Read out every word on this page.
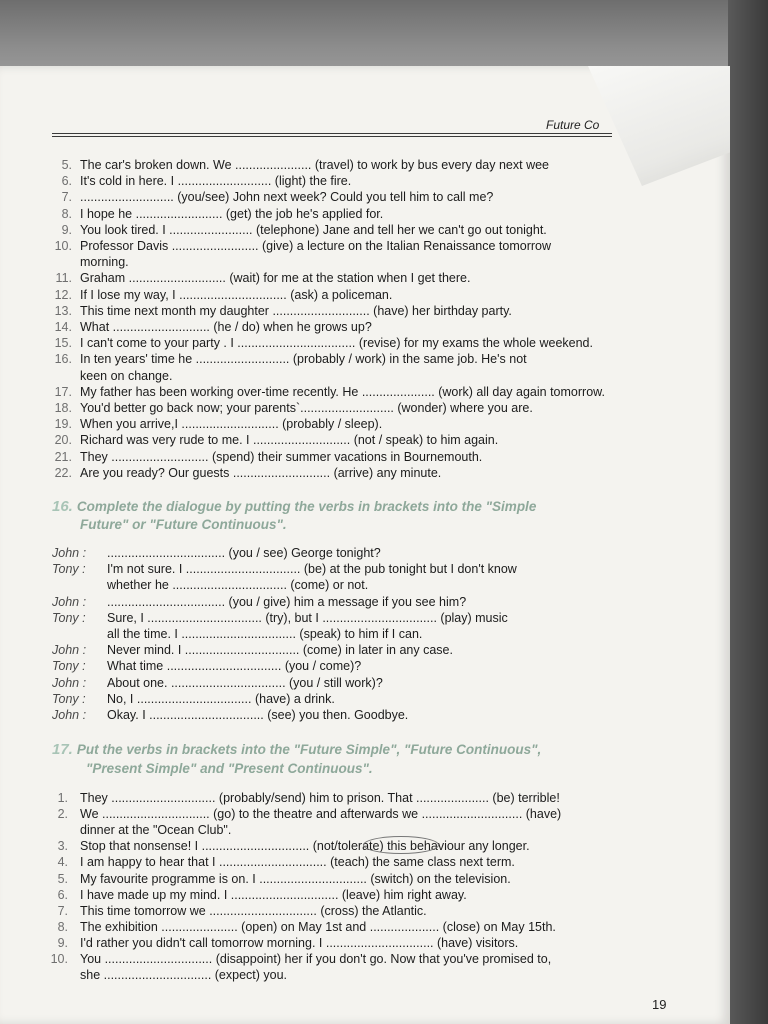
Future Co
5. The car's broken down. We ...................... (travel) to work by bus every day next wee
6. It's cold in here. I ........................... (light) the fire.
7. ........................... (you/see) John next week? Could you tell him to call me?
8. I hope he ......................... (get) the job he's applied for.
9. You look tired. I ........................ (telephone) Jane and tell her we can't go out tonight.
10. Professor Davis ......................... (give) a lecture on the Italian Renaissance tomorrow
morning.
11. Graham ............................ (wait) for me at the station when I get there.
12. If I lose my way, I ............................... (ask) a policeman.
13. This time next month my daughter ............................ (have) her birthday party.
14. What ............................ (he / do) when he grows up?
15. I can't come to your party . I .................................. (revise) for my exams the whole weekend.
16. In ten years' time he ........................... (probably / work) in the same job. He's not
keen on change.
17. My father has been working over-time recently. He ..................... (work) all day again tomorrow.
18. You'd better go back now; your parents`........................... (wonder) where you are.
19. When you arrive,I ............................ (probably / sleep).
20. Richard was very rude to me. I ............................ (not / speak) to him again.
21. They ............................ (spend) their summer vacations in Bournemouth.
22. Are you ready? Our guests ............................ (arrive) any minute.
16. Complete the dialogue by putting the verbs in brackets into the "Simple
Future" or "Future Continuous".
John : .................................. (you / see) George tonight?
Tony : I'm not sure. I ................................. (be) at the pub tonight but I don't know
whether he ................................. (come) or not.
John : .................................. (you / give) him a message if you see him?
Tony : Sure, I ................................. (try), but I ................................. (play) music
all the time. I ................................. (speak) to him if I can.
John : Never mind. I ................................. (come) in later in any case.
Tony : What time ................................. (you / come)?
John : About one. ................................. (you / still work)?
Tony : No, I ................................. (have) a drink.
John : Okay. I ................................. (see) you then. Goodbye.
17. Put the verbs in brackets into the "Future Simple", "Future Continuous",
"Present Simple" and "Present Continuous".
1. They .............................. (probably/send) him to prison. That ..................... (be) terrible!
2. We ............................... (go) to the theatre and afterwards we ............................. (have)
dinner at the "Ocean Club".
3. Stop that nonsense! I ............................... (not/tolerate) this behaviour any longer.
4. I am happy to hear that I ............................... (teach) the same class next term.
5. My favourite programme is on. I ............................... (switch) on the television.
6. I have made up my mind. I ............................... (leave) him right away.
7. This time tomorrow we ............................... (cross) the Atlantic.
8. The exhibition ...................... (open) on May 1st and .................... (close) on May 15th.
9. I'd rather you didn't call tomorrow morning. I ............................... (have) visitors.
10. You ............................... (disappoint) her if you don't go. Now that you've promised to,
she ............................... (expect) you.
19
